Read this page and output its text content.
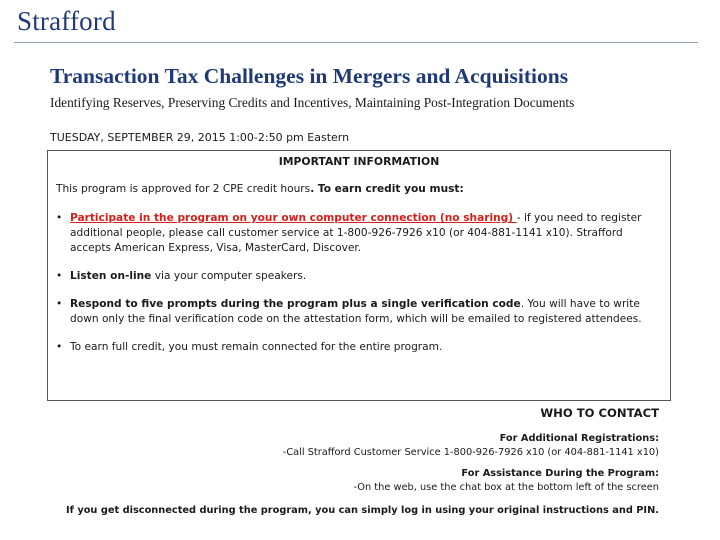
Strafford
Transaction Tax Challenges in Mergers and Acquisitions
Identifying Reserves, Preserving Credits and Incentives, Maintaining Post-Integration Documents
TUESDAY, SEPTEMBER 29, 2015 1:00-2:50 pm Eastern
IMPORTANT INFORMATION
This program is approved for 2 CPE credit hours. To earn credit you must:
• Participate in the program on your own computer connection (no sharing) - if you need to register additional people, please call customer service at 1-800-926-7926 x10 (or 404-881-1141 x10). Strafford accepts American Express, Visa, MasterCard, Discover.
• Listen on-line via your computer speakers.
• Respond to five prompts during the program plus a single verification code. You will have to write down only the final verification code on the attestation form, which will be emailed to registered attendees.
• To earn full credit, you must remain connected for the entire program.
WHO TO CONTACT
For Additional Registrations:
-Call Strafford Customer Service 1-800-926-7926 x10 (or 404-881-1141 x10)
For Assistance During the Program:
-On the web, use the chat box at the bottom left of the screen
If you get disconnected during the program, you can simply log in using your original instructions and PIN.
